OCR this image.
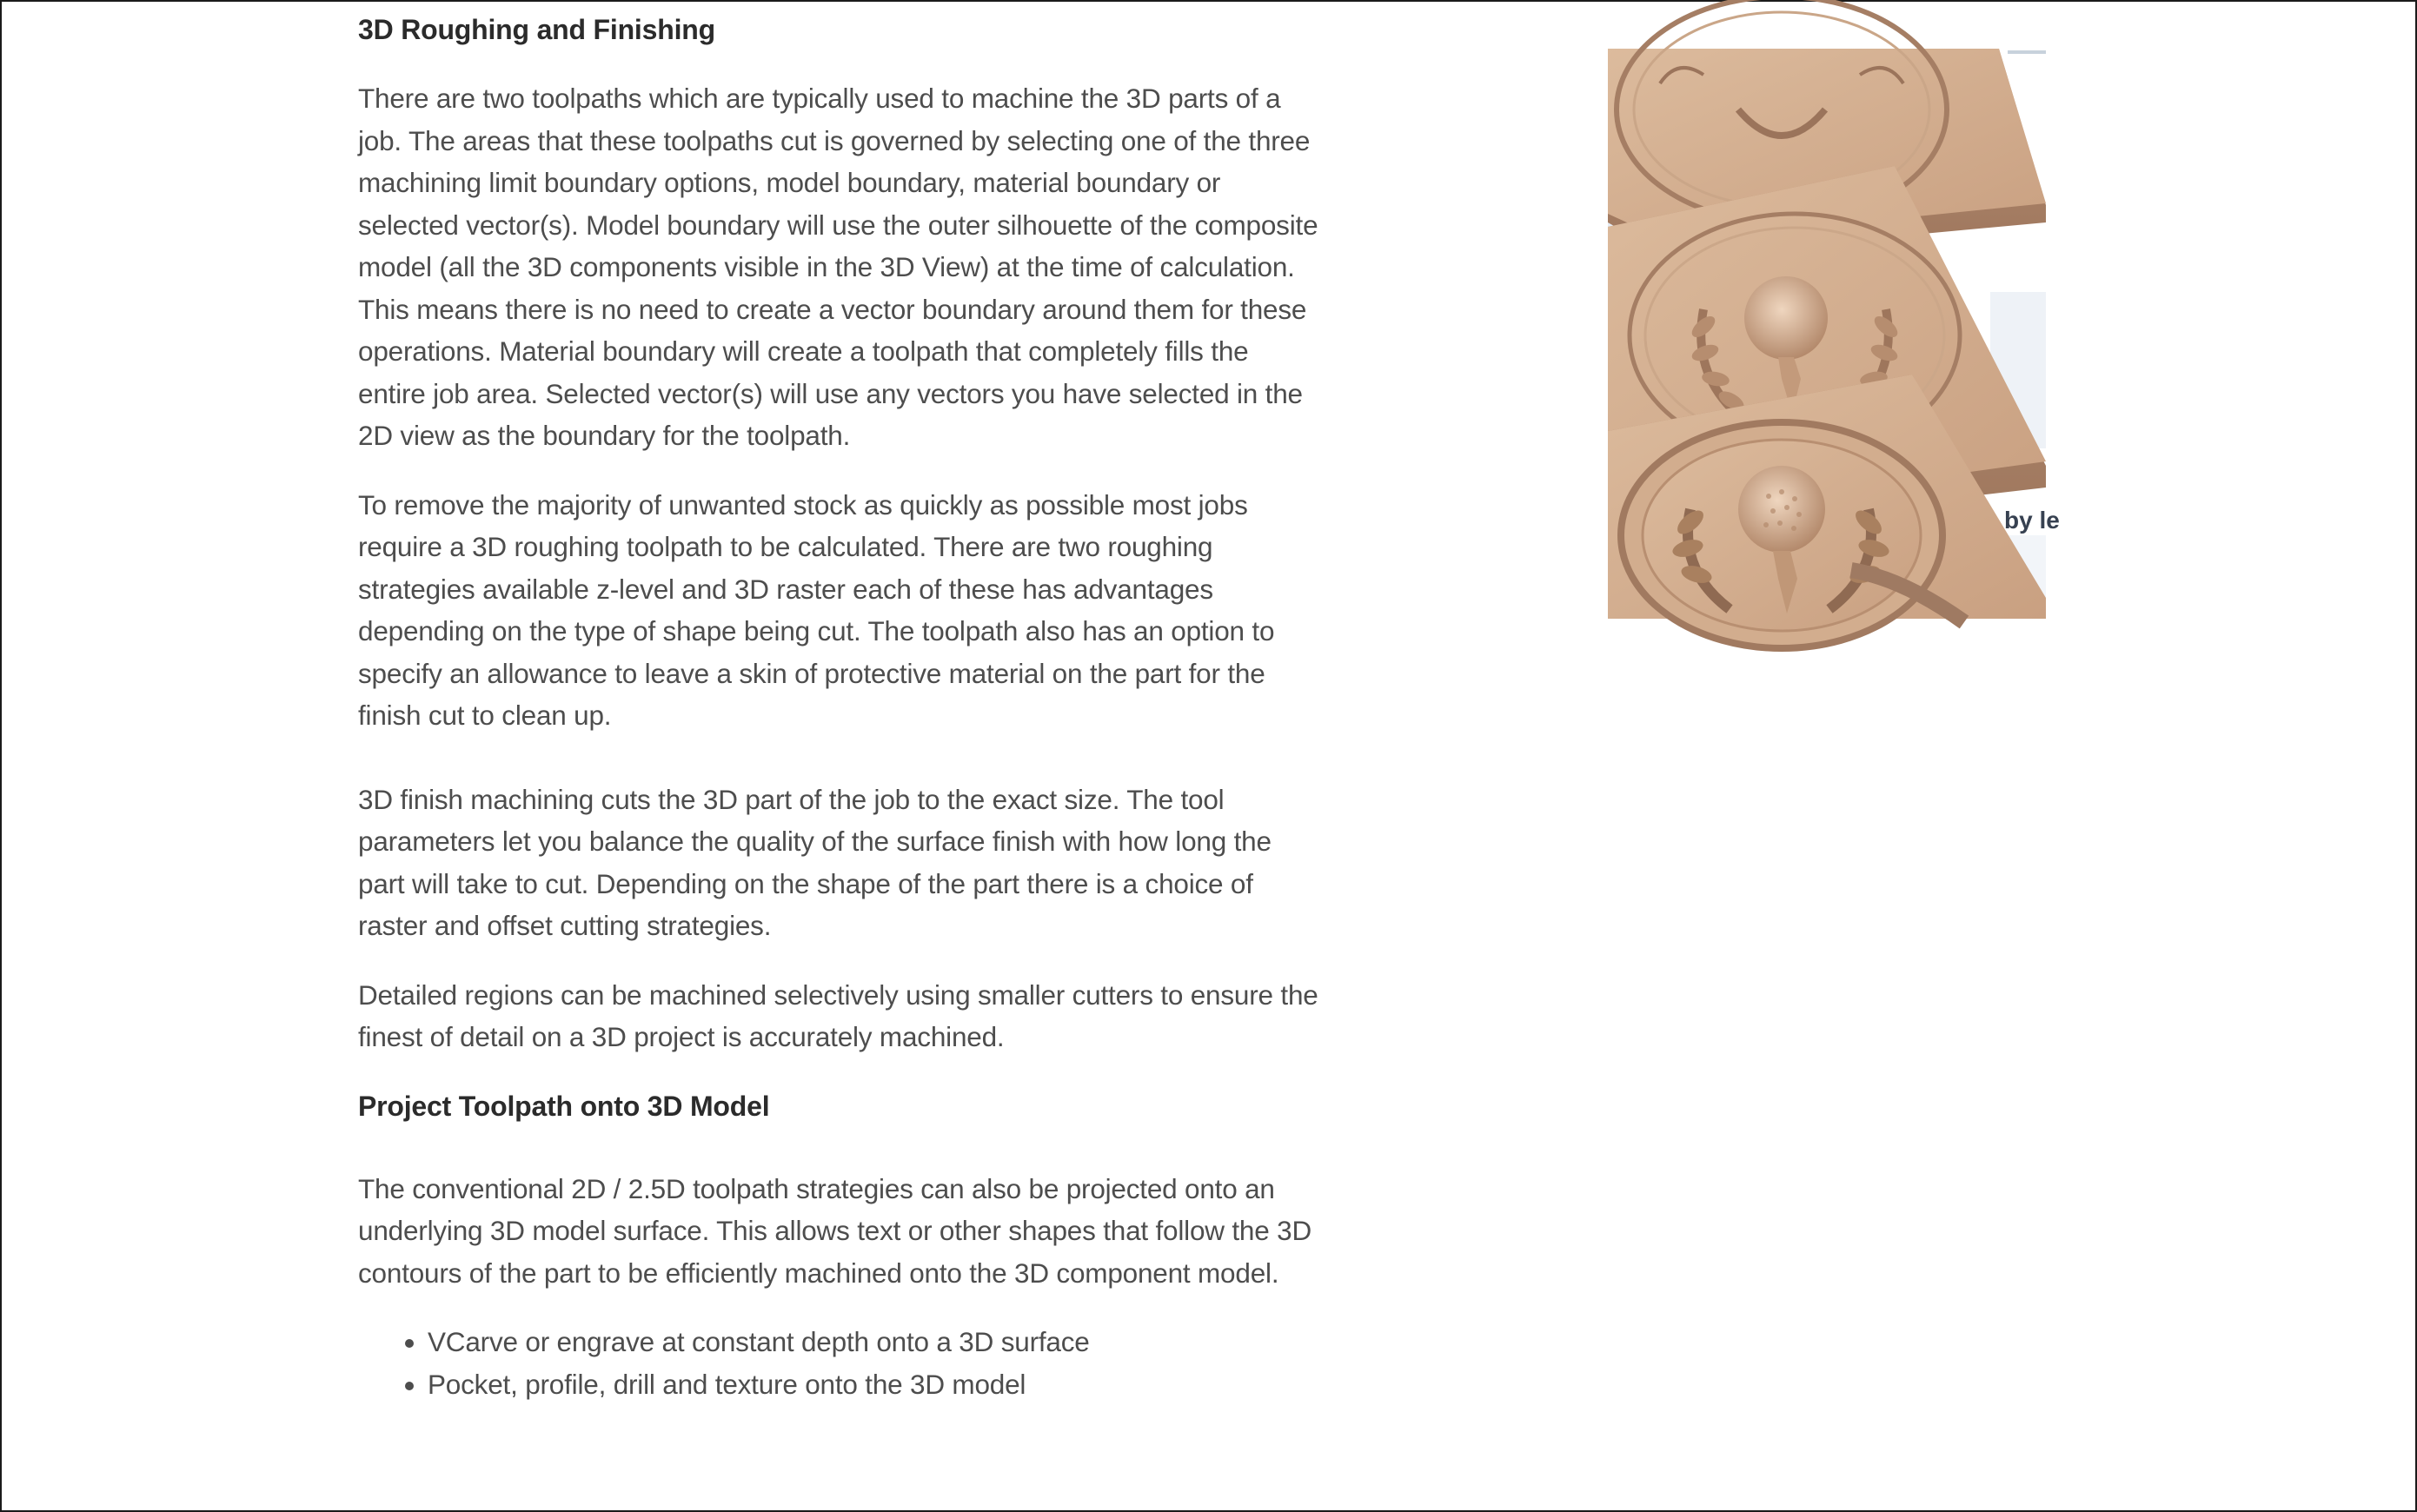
3D Roughing and Finishing

There are two toolpaths which are typically used to machine the 3D parts of a job. The areas that these toolpaths cut is governed by selecting one of the three machining limit boundary options, model boundary, material boundary or selected vector(s). Model boundary will use the outer silhouette of the composite model (all the 3D components visible in the 3D View) at the time of calculation. This means there is no need to create a vector boundary around them for these operations. Material boundary will create a toolpath that completely fills the entire job area. Selected vector(s) will use any vectors you have selected in the 2D view as the boundary for the toolpath.

To remove the majority of unwanted stock as quickly as possible most jobs require a 3D roughing toolpath to be calculated. There are two roughing strategies available z-level and 3D raster each of these has advantages depending on the type of shape being cut. The toolpath also has an option to specify an allowance to leave a skin of protective material on the part for the finish cut to clean up.

3D finish machining cuts the 3D part of the job to the exact size. The tool parameters let you balance the quality of the surface finish with how long the part will take to cut. Depending on the shape of the part there is a choice of raster and offset cutting strategies.

Detailed regions can be machined selectively using smaller cutters to ensure the finest of detail on a 3D project is accurately machined.

Project Toolpath onto 3D Model

The conventional 2D / 2.5D toolpath strategies can also be projected onto an underlying 3D model surface. This allows text or other shapes that follow the 3D contours of the part to be efficiently machined onto the 3D component model.

• VCarve or engrave at constant depth onto a 3D surface
• Pocket, profile, drill and texture onto the 3D model
by le
